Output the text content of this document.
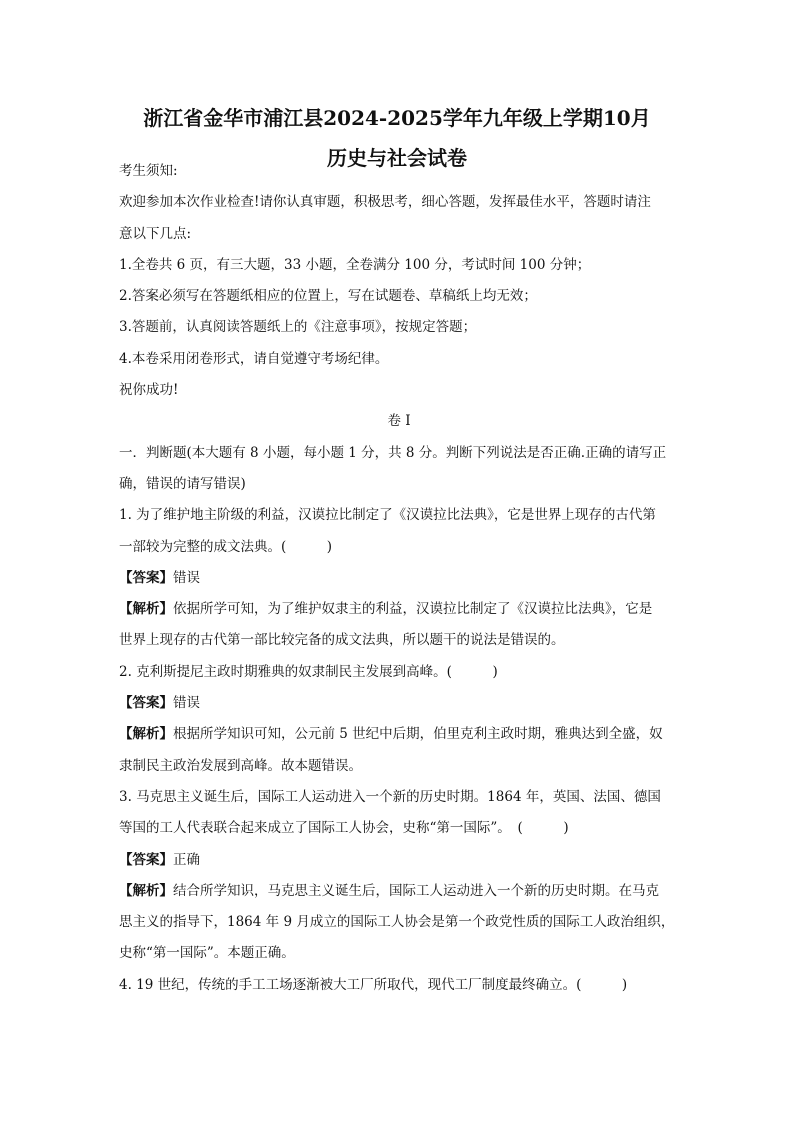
浙江省金华市浦江县2024-2025学年九年级上学期10月
历史与社会试卷
考生须知:
欢迎参加本次作业检查!请你认真审题，积极思考，细心答题，发挥最佳水平，答题时请注
意以下几点:
1.全卷共 6 页，有三大题，33 小题，全卷满分 100 分，考试时间 100 分钟；
2.答案必须写在答题纸相应的位置上，写在试题卷、草稿纸上均无效；
3.答题前，认真阅读答题纸上的《注意事项》，按规定答题；
4.本卷采用闭卷形式，请自觉遵守考场纪律。
祝你成功!
卷 I
一．判断题(本大题有 8 小题，每小题 1 分，共 8 分。判断下列说法是否正确.正确的请写正
确，错误的请写错误)
1. 为了维护地主阶级的利益，汉谟拉比制定了《汉谟拉比法典》，它是世界上现存的古代第
一部较为完整的成文法典。(　　　)
【答案】错误
【解析】依据所学可知，为了维护奴隶主的利益，汉谟拉比制定了《汉谟拉比法典》，它是
世界上现存的古代第一部比较完备的成文法典，所以题干的说法是错误的。
2. 克利斯提尼主政时期雅典的奴隶制民主发展到高峰。(　　　)
【答案】错误
【解析】根据所学知识可知，公元前 5 世纪中后期，伯里克利主政时期，雅典达到全盛，奴
隶制民主政治发展到高峰。故本题错误。
3. 马克思主义诞生后，国际工人运动进入一个新的历史时期。1864 年，英国、法国、德国
等国的工人代表联合起来成立了国际工人协会，史称“第一国际”。　(　　　)
【答案】正确
【解析】结合所学知识，马克思主义诞生后，国际工人运动进入一个新的历史时期。在马克
思主义的指导下，1864 年 9 月成立的国际工人协会是第一个政党性质的国际工人政治组织，
史称“第一国际”。本题正确。
4. 19 世纪，传统的手工工场逐渐被大工厂所取代，现代工厂制度最终确立。(　　　)
